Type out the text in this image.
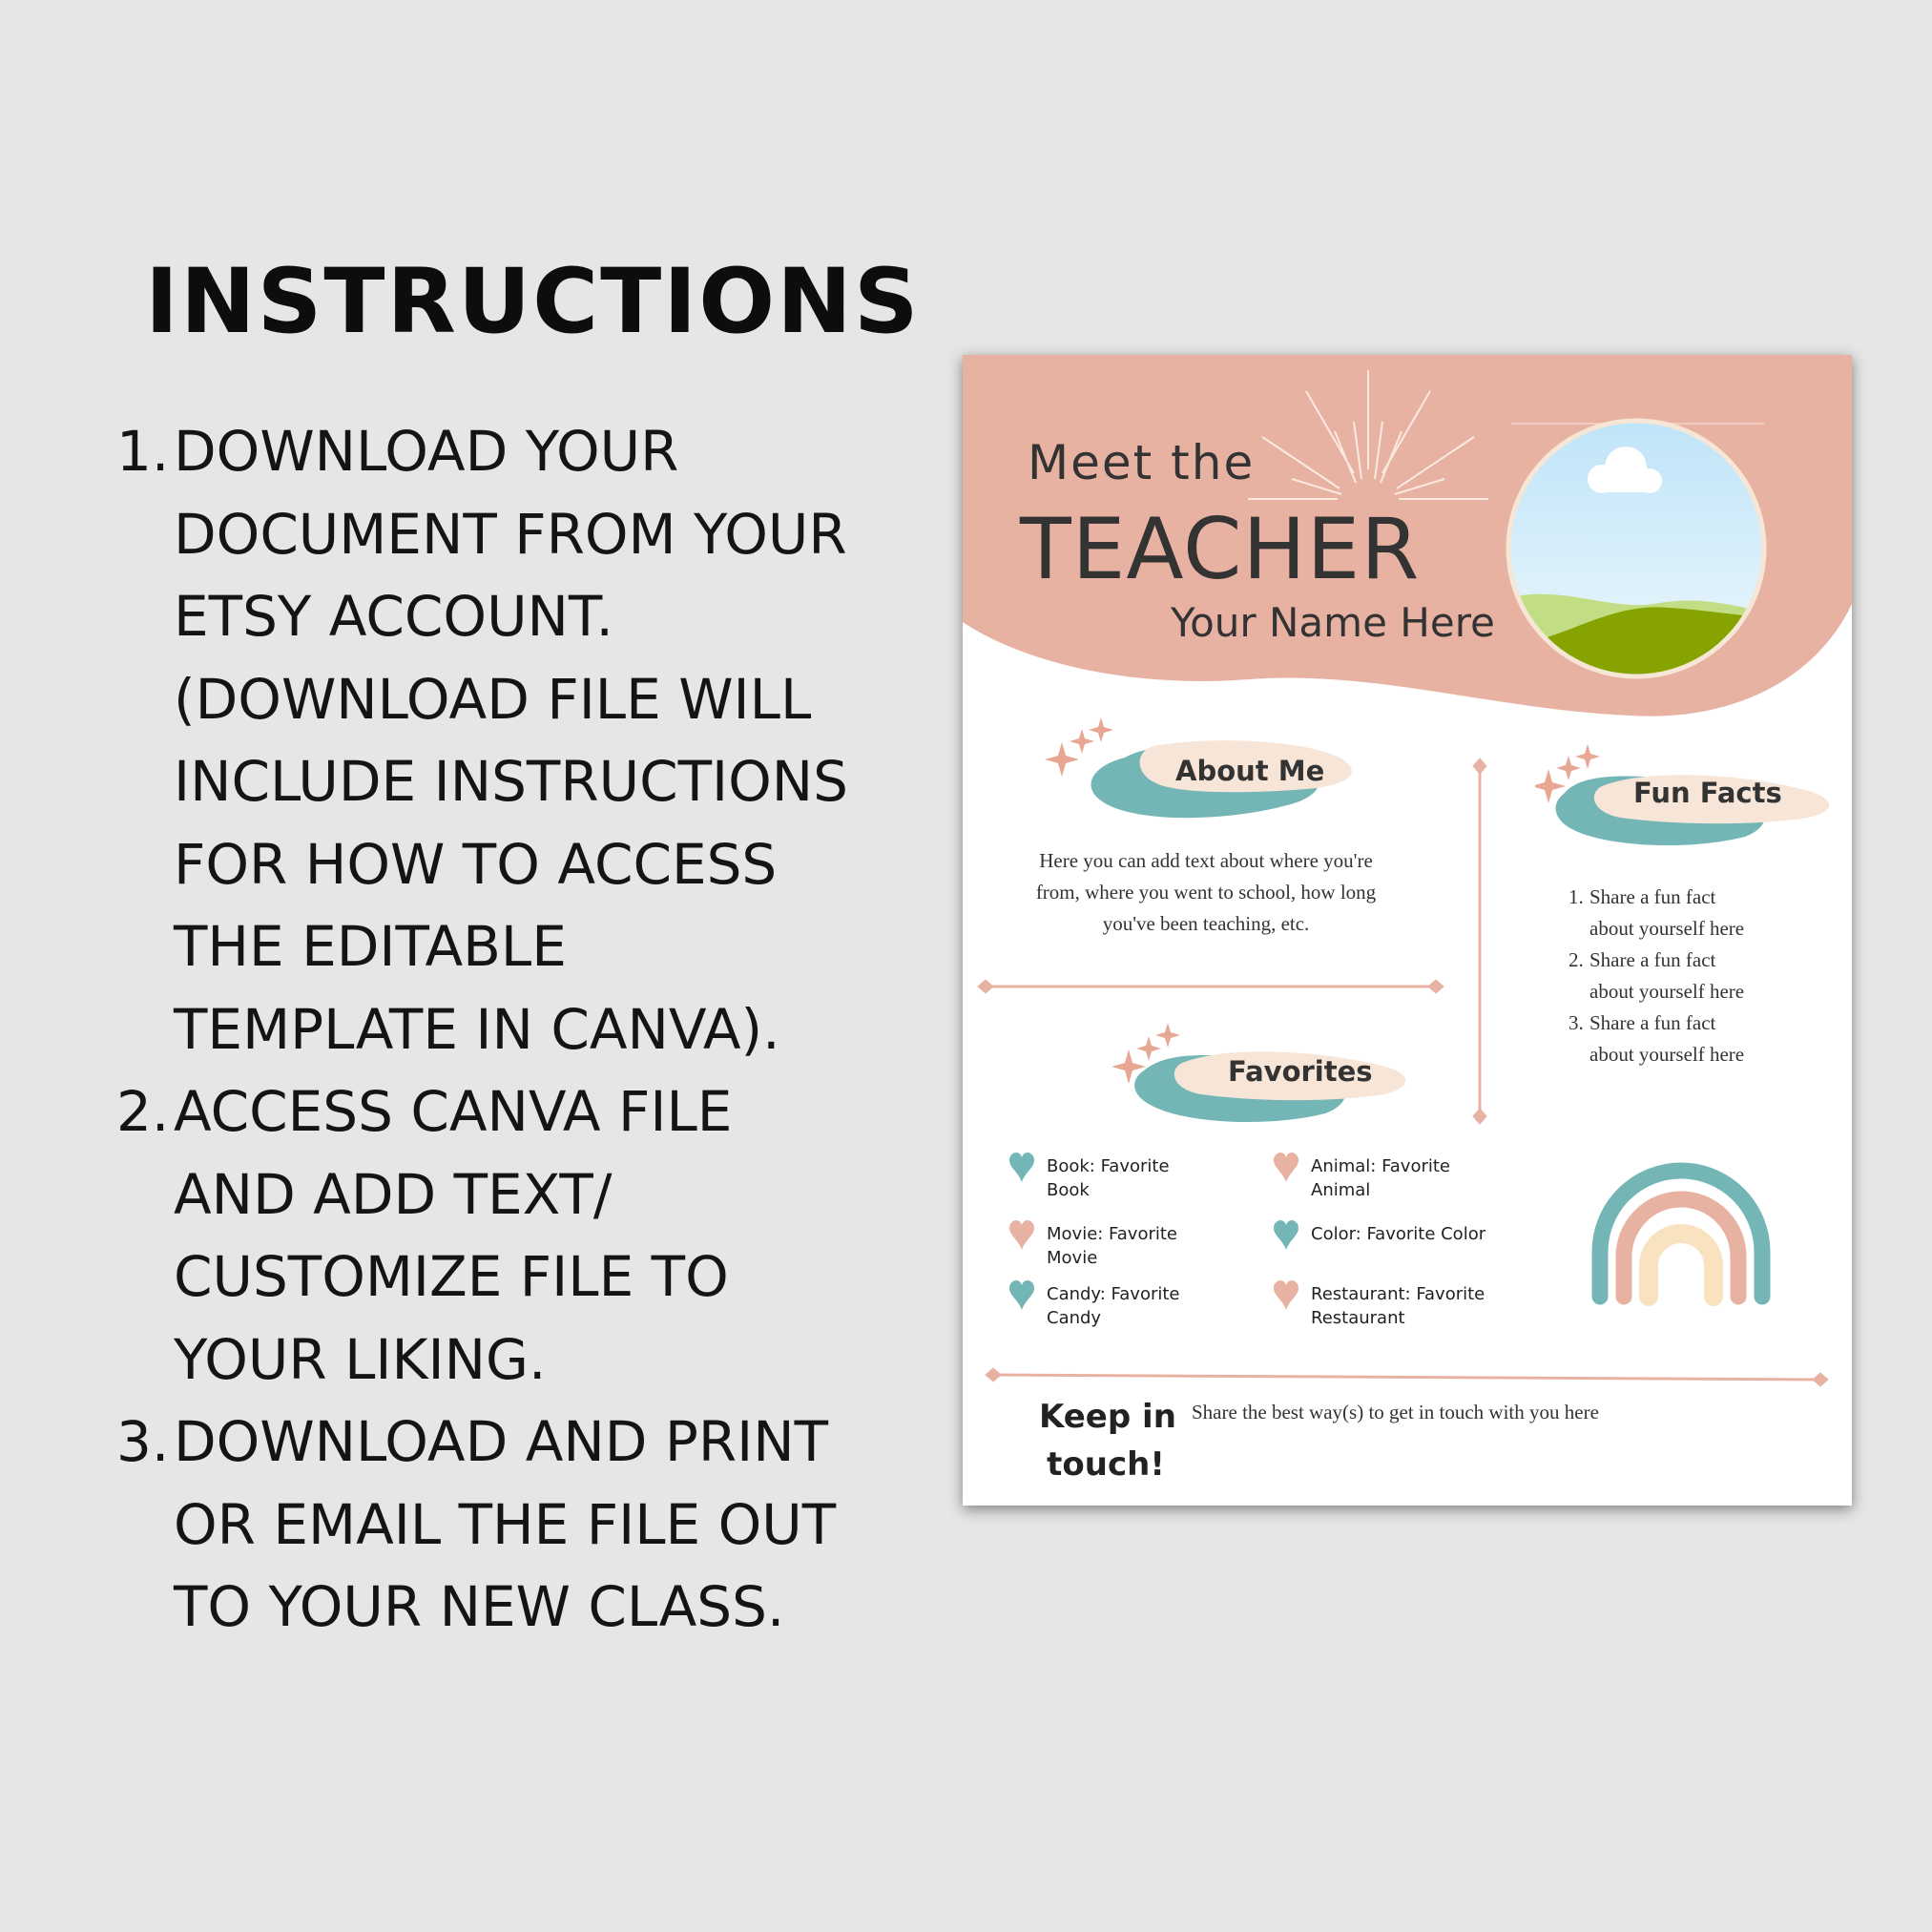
INSTRUCTIONS
1. DOWNLOAD YOUR
DOCUMENT FROM YOUR
ETSY ACCOUNT.
(DOWNLOAD FILE WILL
INCLUDE INSTRUCTIONS
FOR HOW TO ACCESS
THE EDITABLE
TEMPLATE IN CANVA).
2. ACCESS CANVA FILE
AND ADD TEXT/
CUSTOMIZE FILE TO
YOUR LIKING.
3. DOWNLOAD AND PRINT
OR EMAIL THE FILE OUT
TO YOUR NEW CLASS.
Meet the
TEACHER
Your Name Here
About Me
Here you can add text about where you're
from, where you went to school, how long
you've been teaching, etc.
Fun Facts
1. Share a fun fact
about yourself here
2. Share a fun fact
about yourself here
3. Share a fun fact
about yourself here
Favorites
Book: Favorite Book
Animal: Favorite Animal
Movie: Favorite Movie
Color: Favorite Color
Candy: Favorite Candy
Restaurant: Favorite Restaurant
Keep in
touch!
Share the best way(s) to get in touch with you here
